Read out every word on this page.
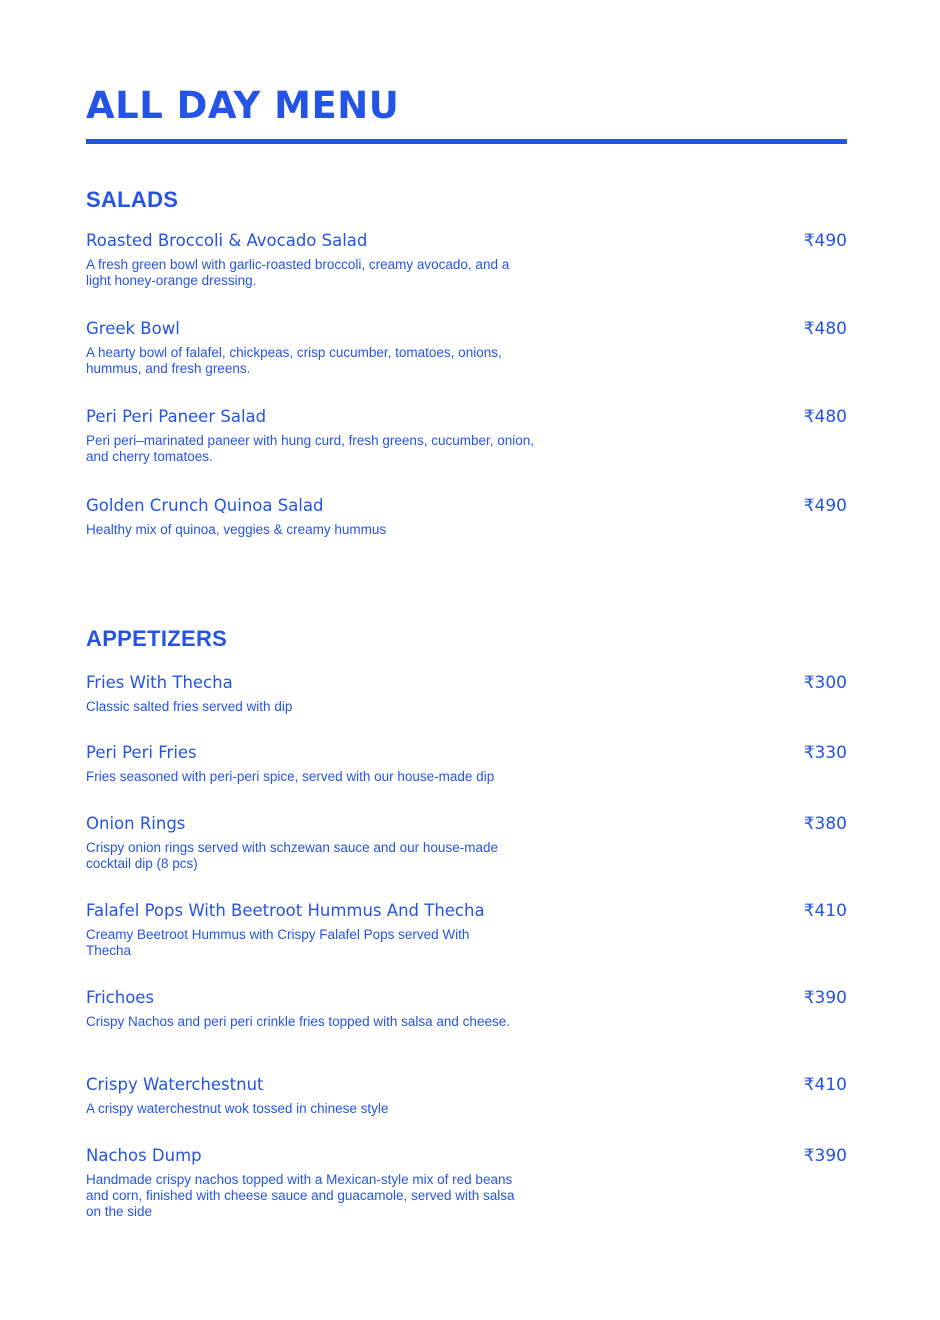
ALL DAY MENU
SALADS
Roasted Broccoli & Avocado Salad	₹490
A fresh green bowl with garlic-roasted broccoli, creamy avocado, and a light honey-orange dressing.
Greek Bowl	₹480
A hearty bowl of falafel, chickpeas, crisp cucumber, tomatoes, onions, hummus, and fresh greens.
Peri Peri Paneer Salad	₹480
Peri peri–marinated paneer with hung curd, fresh greens, cucumber, onion, and cherry tomatoes.
Golden Crunch Quinoa Salad	₹490
Healthy mix of quinoa, veggies & creamy hummus
APPETIZERS
Fries With Thecha	₹300
Classic salted fries served with dip
Peri Peri Fries	₹330
Fries seasoned with peri-peri spice, served with our house-made dip
Onion Rings	₹380
Crispy onion rings served with schzewan sauce and our house-made cocktail dip (8 pcs)
Falafel Pops With Beetroot Hummus And Thecha	₹410
Creamy Beetroot Hummus with Crispy Falafel Pops served With Thecha
Frichoes	₹390
Crispy Nachos and peri peri crinkle fries topped with salsa and cheese.
Crispy Waterchestnut	₹410
A crispy waterchestnut wok tossed in chinese style
Nachos Dump	₹390
Handmade crispy nachos topped with a Mexican-style mix of red beans and corn, finished with cheese sauce and guacamole, served with salsa on the side
